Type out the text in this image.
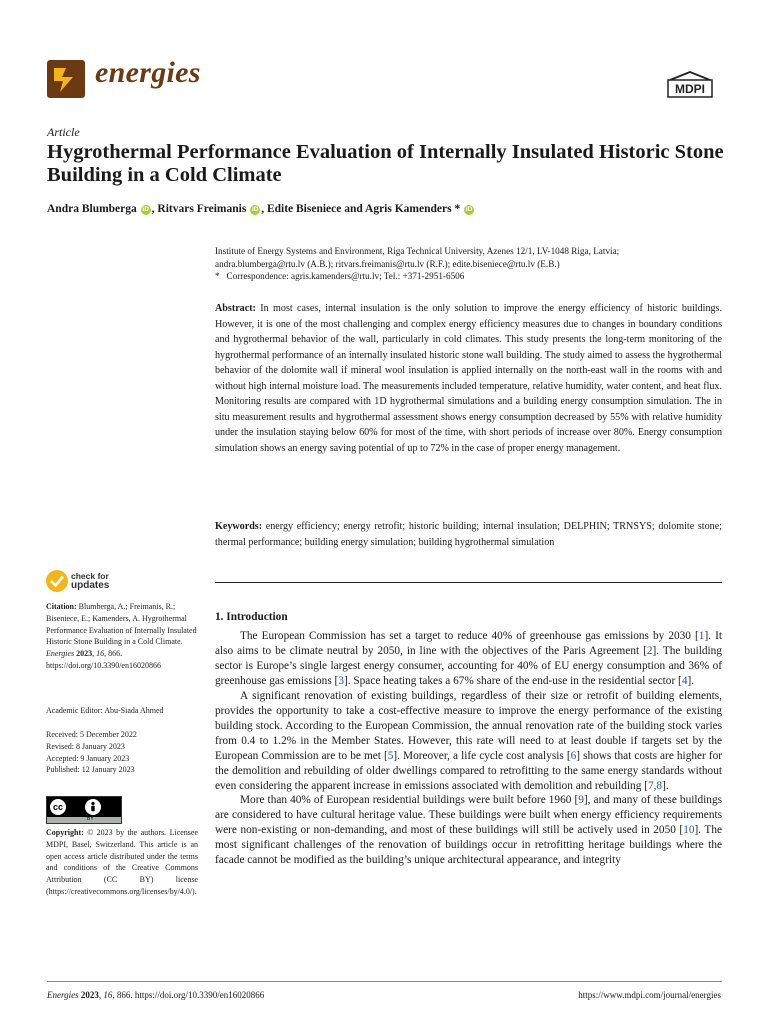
energies	MDPI
Article
Hygrothermal Performance Evaluation of Internally Insulated Historic Stone Building in a Cold Climate
Andra Blumberga iD , Ritvars Freimanis iD , Edite Biseniece and Agris Kamenders * iD
Institute of Energy Systems and Environment, Riga Technical University, Azenes 12/1, LV-1048 Riga, Latvia;
andra.blumberga@rtu.lv (A.B.); ritvars.freimanis@rtu.lv (R.F.); edite.biseniece@rtu.lv (E.B.)
* Correspondence: agris.kamenders@rtu.lv; Tel.: +371-2951-6506
Abstract: In most cases, internal insulation is the only solution to improve the energy efficiency of historic buildings. However, it is one of the most challenging and complex energy efficiency measures due to changes in boundary conditions and hygrothermal behavior of the wall, particularly in cold climates. This study presents the long-term monitoring of the hygrothermal performance of an internally insulated historic stone wall building. The study aimed to assess the hygrothermal behavior of the dolomite wall if mineral wool insulation is applied internally on the north-east wall in the rooms with and without high internal moisture load. The measurements included temperature, relative humidity, water content, and heat flux. Monitoring results are compared with 1D hygrothermal simulations and a building energy consumption simulation. The in situ measurement results and hygrothermal assessment shows energy consumption decreased by 55% with relative humidity under the insulation staying below 60% for most of the time, with short periods of increase over 80%. Energy consumption simulation shows an energy saving potential of up to 72% in the case of proper energy management.
Keywords: energy efficiency; energy retrofit; historic building; internal insulation; DELPHIN; TRNSYS; dolomite stone; thermal performance; building energy simulation; building hygrothermal simulation
check for
updates
Citation: Blumberga, A.; Freimanis, R.; Biseniece, E.; Kamenders, A. Hygrothermal Performance Evaluation of Internally Insulated Historic Stone Building in a Cold Climate. Energies 2023, 16, 866. https://doi.org/10.3390/en16020866
Academic Editor: Abu-Siada Ahmed
Received: 5 December 2022
Revised: 8 January 2023
Accepted: 9 January 2023
Published: 12 January 2023
cc
BY
Copyright: © 2023 by the authors. Licensee MDPI, Basel, Switzerland. This article is an open access article distributed under the terms and conditions of the Creative Commons Attribution (CC BY) license (https://creativecommons.org/licenses/by/4.0/).
1. Introduction

The European Commission has set a target to reduce 40% of greenhouse gas emissions by 2030 [1]. It also aims to be climate neutral by 2050, in line with the objectives of the Paris Agreement [2]. The building sector is Europe’s single largest energy consumer, accounting for 40% of EU energy consumption and 36% of greenhouse gas emissions [3]. Space heating takes a 67% share of the end-use in the residential sector [4].

A significant renovation of existing buildings, regardless of their size or retrofit of building elements, provides the opportunity to take a cost-effective measure to improve the energy performance of the existing building stock. According to the European Commission, the annual renovation rate of the building stock varies from 0.4 to 1.2% in the Member States. However, this rate will need to at least double if targets set by the European Commission are to be met [5]. Moreover, a life cycle cost analysis [6] shows that costs are higher for the demolition and rebuilding of older dwellings compared to retrofitting to the same energy standards without even considering the apparent increase in emissions associated with demolition and rebuilding [7,8].

More than 40% of European residential buildings were built before 1960 [9], and many of these buildings are considered to have cultural heritage value. These buildings were built when energy efficiency requirements were non-existing or non-demanding, and most of these buildings will still be actively used in 2050 [10]. The most significant challenges of the renovation of buildings occur in retrofitting heritage buildings where the facade cannot be modified as the building’s unique architectural appearance, and integrity

Energies 2023, 16, 866. https://doi.org/10.3390/en16020866	https://www.mdpi.com/journal/energies
